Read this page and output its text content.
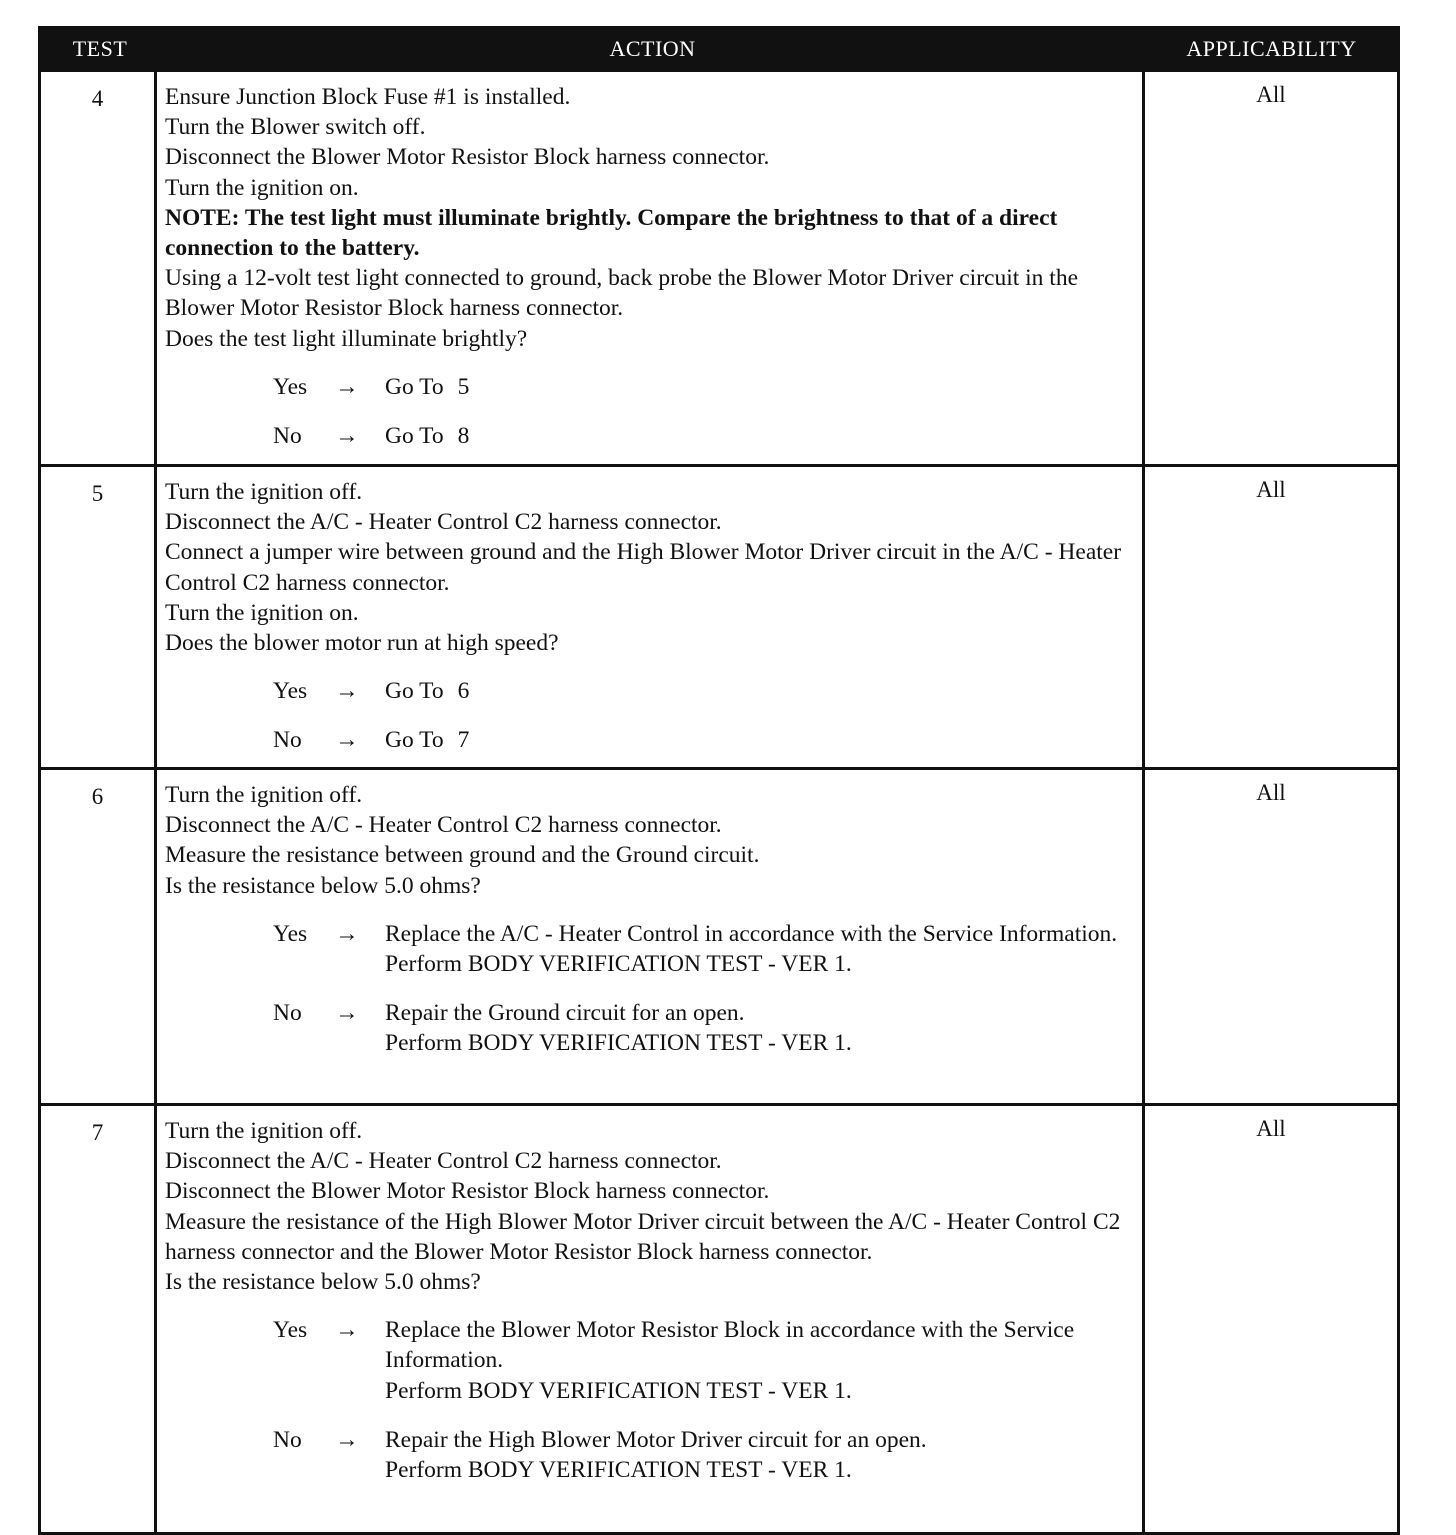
TEST	ACTION	APPLICABILITY
4	Ensure Junction Block Fuse #1 is installed.
Turn the Blower switch off.
Disconnect the Blower Motor Resistor Block harness connector.
Turn the ignition on.
NOTE: The test light must illuminate brightly. Compare the brightness to that of a direct connection to the battery.
Using a 12-volt test light connected to ground, back probe the Blower Motor Driver circuit in the Blower Motor Resistor Block harness connector.
Does the test light illuminate brightly?
Yes	→	Go To 5
No	→	Go To 8
All
5	Turn the ignition off.
Disconnect the A/C - Heater Control C2 harness connector.
Connect a jumper wire between ground and the High Blower Motor Driver circuit in the A/C - Heater Control C2 harness connector.
Turn the ignition on.
Does the blower motor run at high speed?
Yes	→	Go To 6
No	→	Go To 7
All
6	Turn the ignition off.
Disconnect the A/C - Heater Control C2 harness connector.
Measure the resistance between ground and the Ground circuit.
Is the resistance below 5.0 ohms?
Yes	→	Replace the A/C - Heater Control in accordance with the Service Information.
Perform BODY VERIFICATION TEST - VER 1.
No	→	Repair the Ground circuit for an open.
Perform BODY VERIFICATION TEST - VER 1.
All
7	Turn the ignition off.
Disconnect the A/C - Heater Control C2 harness connector.
Disconnect the Blower Motor Resistor Block harness connector.
Measure the resistance of the High Blower Motor Driver circuit between the A/C - Heater Control C2 harness connector and the Blower Motor Resistor Block harness connector.
Is the resistance below 5.0 ohms?
Yes	→	Replace the Blower Motor Resistor Block in accordance with the Service Information.
Perform BODY VERIFICATION TEST - VER 1.
No	→	Repair the High Blower Motor Driver circuit for an open.
Perform BODY VERIFICATION TEST - VER 1.
All
